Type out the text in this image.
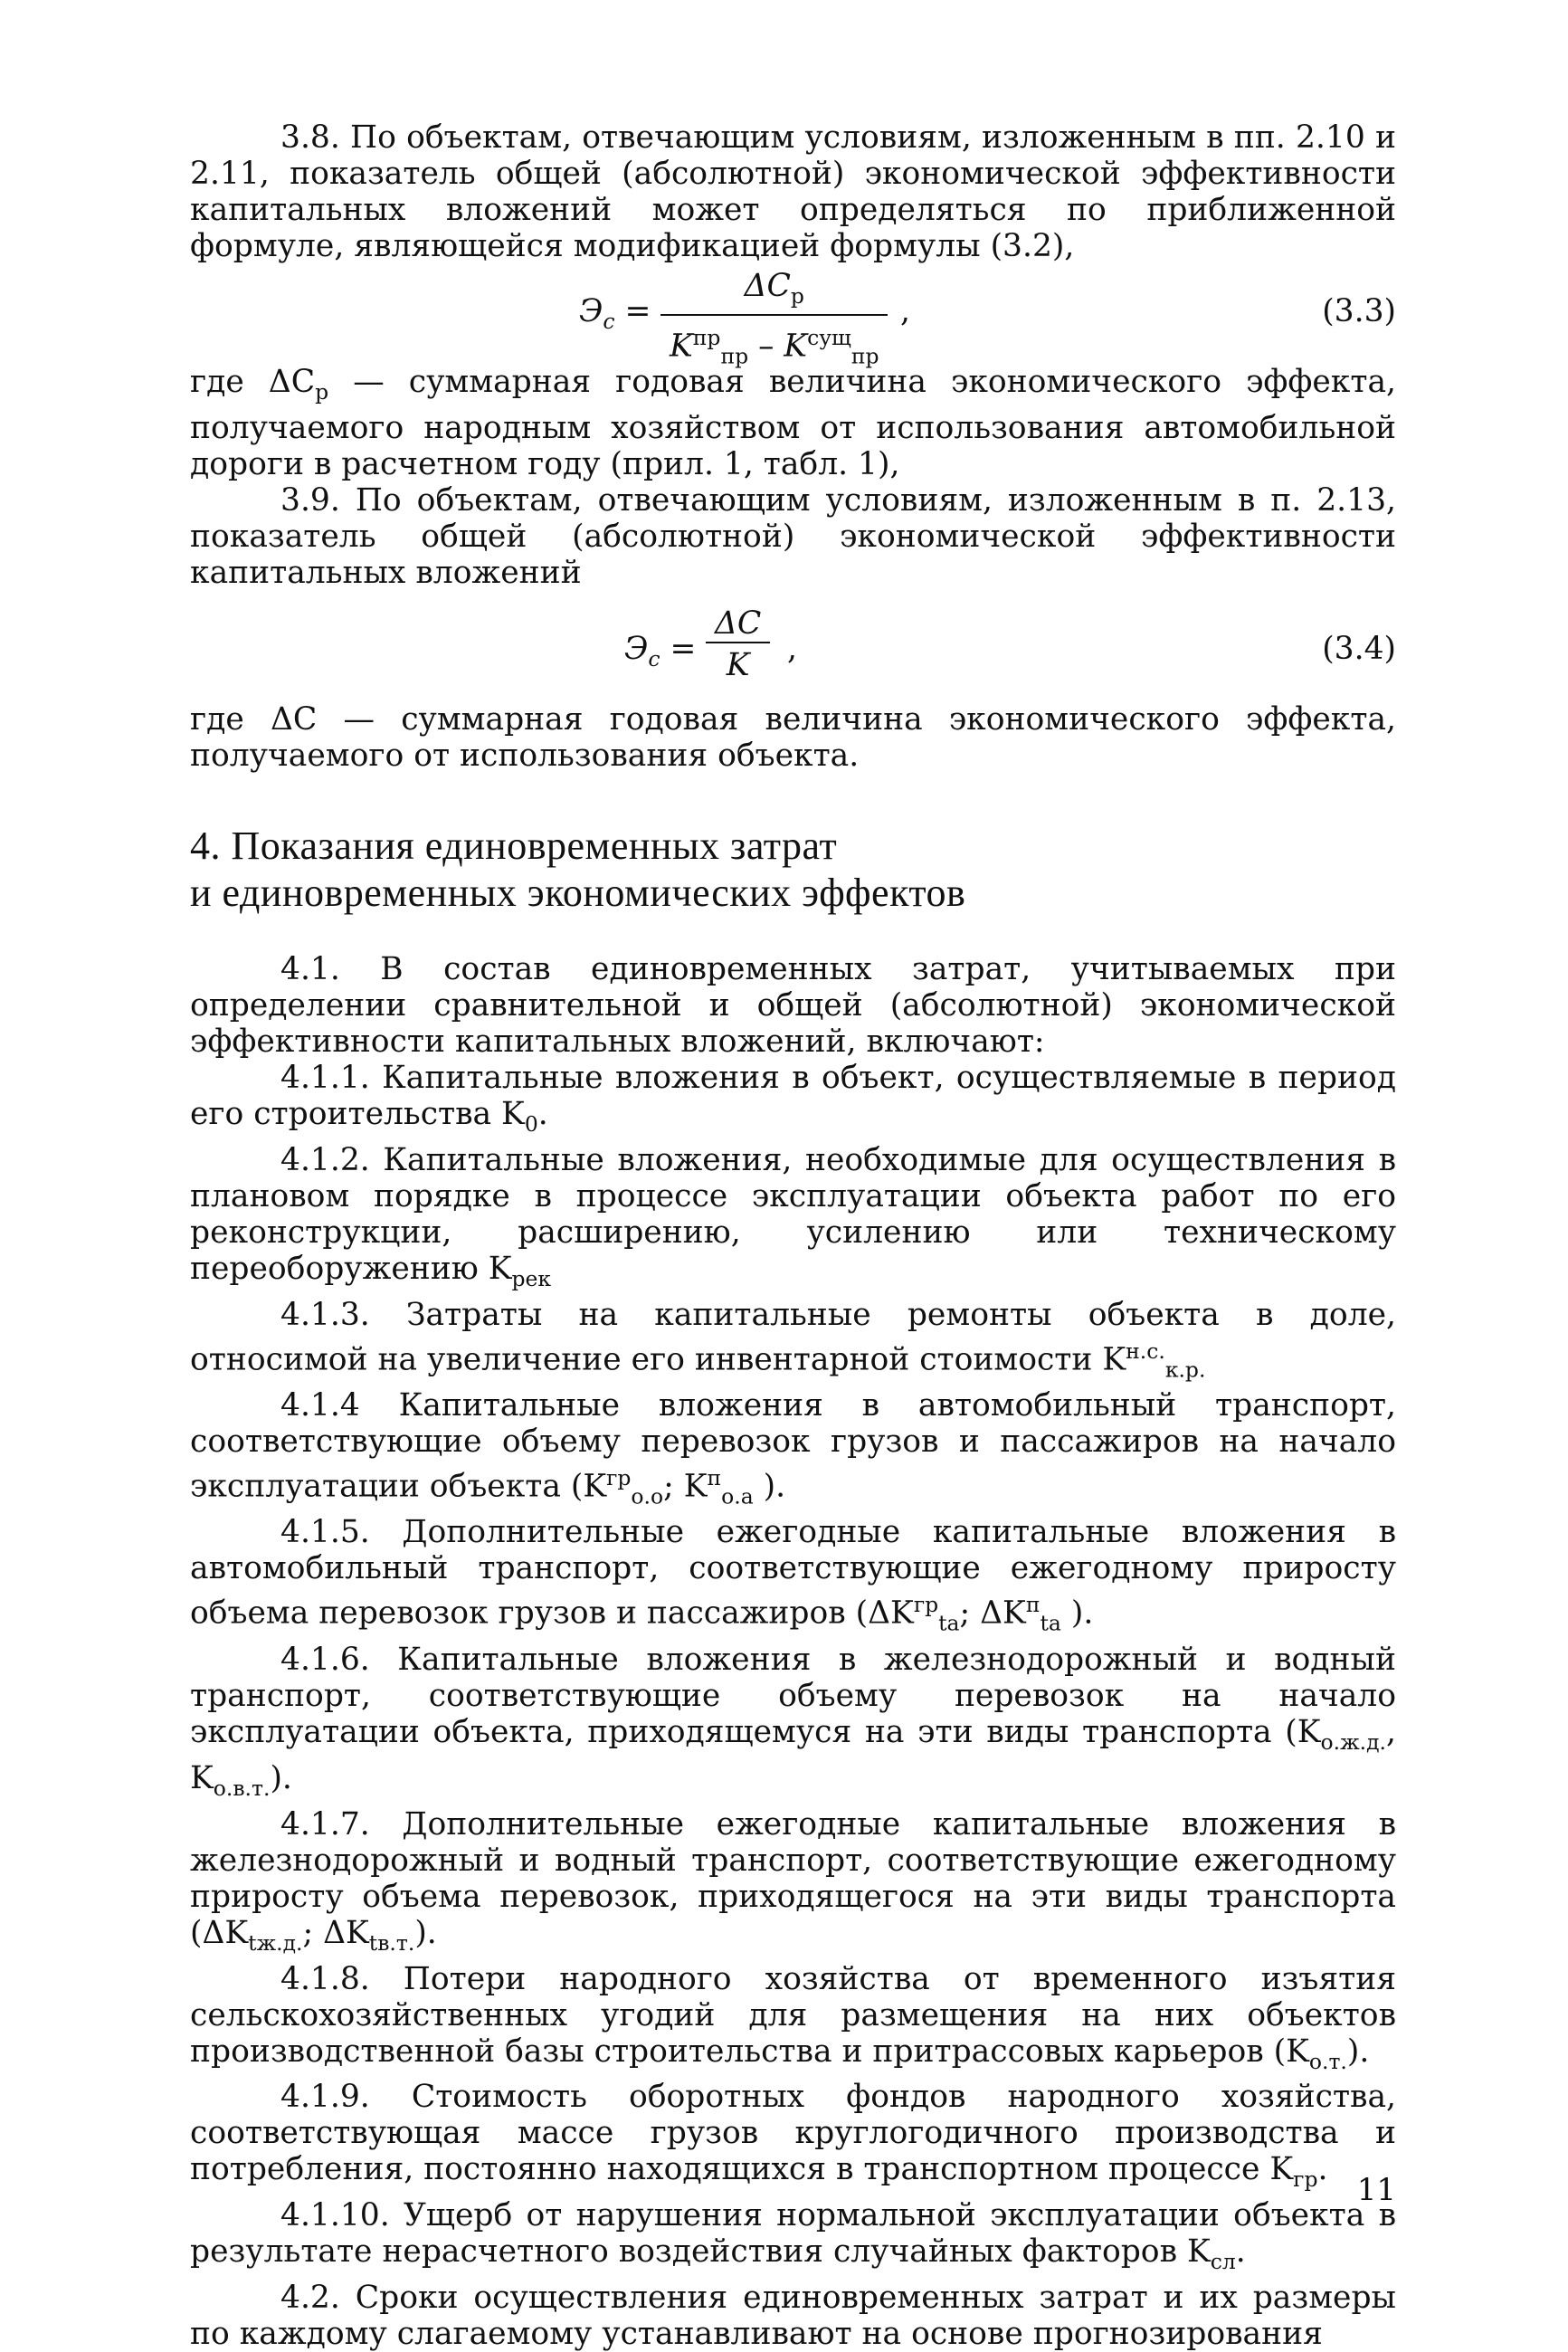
3.8. По объектам, отвечающим условиям, изложенным в пп. 2.10 и 2.11, показатель общей (абсолютной) экономической эффективности капитальных вложений может определяться по приближенной формуле, являющейся модификацией формулы (3.2),

$Э_с$ =
$\Delta C_р$
$K^{пр}_{пр} - K^{сущ}_{пр}$
,	(3.3)

где $\Delta C_р$ — суммарная годовая величина экономического эффекта, получаемого народным хозяйством от использования автомобильной дороги в расчетном году (прил. 1, табл. 1),

3.9. По объектам, отвечающим условиям, изложенным в п. 2.13, показатель общей (абсолютной) экономической эффективности капитальных вложений

$Э_с = \frac{\Delta C}{K}$ ,	(3.4)

где ΔC — суммарная годовая величина экономического эффекта, получаемого от использования объекта.

4. Показания единовременных затрат
и единовременных экономических эффектов

4.1. В состав единовременных затрат, учитываемых при определении сравнительной и общей (абсолютной) экономической эффективности капитальных вложений, включают:

4.1.1. Капитальные вложения в объект, осуществляемые в период его строительства $K_0$.

4.1.2. Капитальные вложения, необходимые для осуществления в плановом порядке в процессе эксплуатации объекта работ по его реконструкции, расширению, усилению или техническому переоборужению $K_{рек}$

4.1.3. Затраты на капитальные ремонты объекта в доле, относимой на увеличение его инвентарной стоимости $K^{н.с.}_{к.р.}$

4.1.4 Капитальные вложения в автомобильный транспорт, соответствующие объему перевозок грузов и пассажиров на начало эксплуатации объекта ($K^{гр}_{о.о}$; $K^п_{о.а}$ ).

4.1.5. Дополнительные ежегодные капитальные вложения в автомобильный транспорт, соответствующие ежегодному приросту объема перевозок грузов и пассажиров ($\Delta K^{гр}_{tа}$; $\Delta K^п_{tа}$ ).

4.1.6. Капитальные вложения в железнодорожный и водный транспорт, соответствующие объему перевозок на начало эксплуатации объекта, приходящемуся на эти виды транспорта ($K_{о.ж.д.}$, $K_{о.в.т.}$).

4.1.7. Дополнительные ежегодные капитальные вложения в железнодорожный и водный транспорт, соответствующие ежегодному приросту объема перевозок, приходящегося на эти виды транспорта ($\Delta K_{tж.д.}$; $\Delta K_{tв.т.}$).

4.1.8. Потери народного хозяйства от временного изъятия сельскохозяйственных угодий для размещения на них объектов производственной базы строительства и притрассовых карьеров $(K_{о.т.})$.

4.1.9. Стоимость оборотных фондов народного хозяйства, соответствующая массе грузов круглогодичного производства и потребления, постоянно находящихся в транспортном процессе $K_{гр}$.

4.1.10. Ущерб от нарушения нормальной эксплуатации объекта в результате нерасчетного воздействия случайных факторов $K_{сл}$.

4.2. Сроки осуществления единовременных затрат и их размеры по каждому слагаемому устанавливают на основе прогнозирования

11
